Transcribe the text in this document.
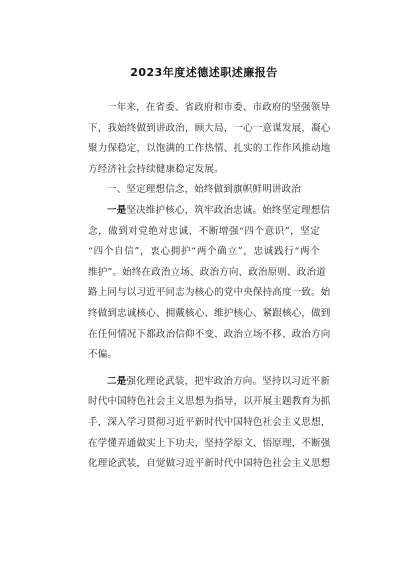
2023年度述德述职述廉报告
一年来，在省委、省政府和市委、市政府的坚强领导
下，我始终做到讲政治，顾大局，一心一意谋发展，凝心
聚力保稳定，以饱满的工作热情、扎实的工作作风推动地
方经济社会持续健康稳定发展。
一、坚定理想信念，始终做到旗帜鲜明讲政治
一是坚决维护核心，筑牢政治忠诚。始终坚定理想信
念，做到对党绝对忠诚，不断增强“四个意识”，坚定
“四个自信”，衷心拥护“两个确立”，忠诚践行“两个
维护”。始终在政治立场、政治方向、政治原则、政治道
路上同与以习近平同志为核心的党中央保持高度一致。始
终做到忠诚核心、拥戴核心、维护核心、紧跟核心，做到
在任何情况下都政治信仰不变、政治立场不移、政治方向
不偏。
二是强化理论武装，把牢政治方向。坚持以习近平新
时代中国特色社会主义思想为指导，以开展主题教育为抓
手，深入学习贯彻习近平新时代中国特色社会主义思想，
在学懂弄通做实上下功夫，坚持学原文、悟原理，不断强
化理论武装，自觉做习近平新时代中国特色社会主义思想
